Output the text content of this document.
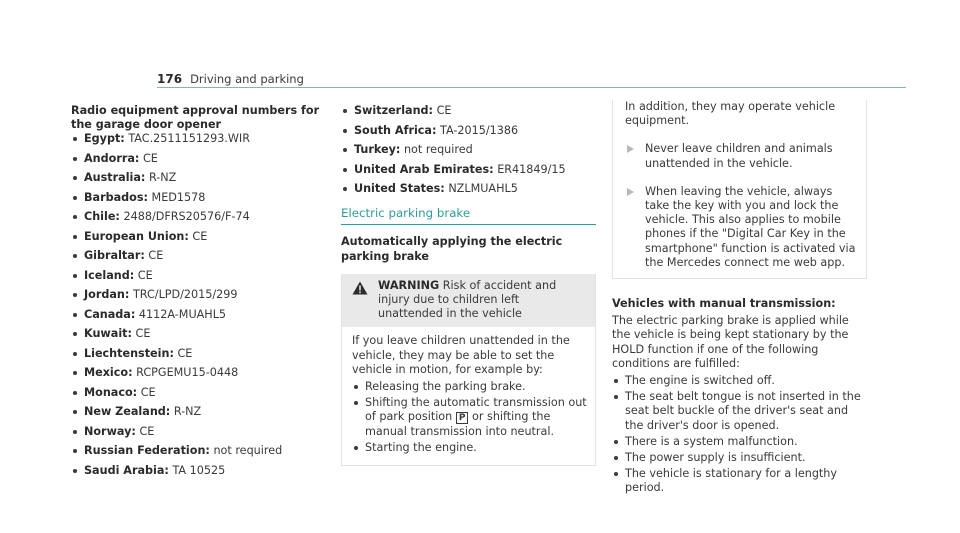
176 Driving and parking
Radio equipment approval numbers for the garage door opener
Egypt: TAC.2511151293.WIR
Andorra: CE
Australia: R-NZ
Barbados: MED1578
Chile: 2488/DFRS20576/F-74
European Union: CE
Gibraltar: CE
Iceland: CE
Jordan: TRC/LPD/2015/299
Canada: 4112A-MUAHL5
Kuwait: CE
Liechtenstein: CE
Mexico: RCPGEMU15-0448
Monaco: CE
New Zealand: R-NZ
Norway: CE
Russian Federation: not required
Saudi Arabia: TA 10525
Switzerland: CE
South Africa: TA-2015/1386
Turkey: not required
United Arab Emirates: ER41849/15
United States: NZLMUAHL5
Electric parking brake
Automatically applying the electric parking brake
WARNING Risk of accident and injury due to children left unattended in the vehicle
If you leave children unattended in the vehicle, they may be able to set the vehicle in motion, for example by:
Releasing the parking brake.
Shifting the automatic transmission out of park position P or shifting the manual transmission into neutral.
Starting the engine.
In addition, they may operate vehicle equipment.
Never leave children and animals unattended in the vehicle.
When leaving the vehicle, always take the key with you and lock the vehicle. This also applies to mobile phones if the "Digital Car Key in the smartphone" function is activated via the Mercedes connect me web app.
Vehicles with manual transmission:
The electric parking brake is applied while the vehicle is being kept stationary by the HOLD function if one of the following conditions are fulfilled:
The engine is switched off.
The seat belt tongue is not inserted in the seat belt buckle of the driver's seat and the driver's door is opened.
There is a system malfunction.
The power supply is insufficient.
The vehicle is stationary for a lengthy period.
